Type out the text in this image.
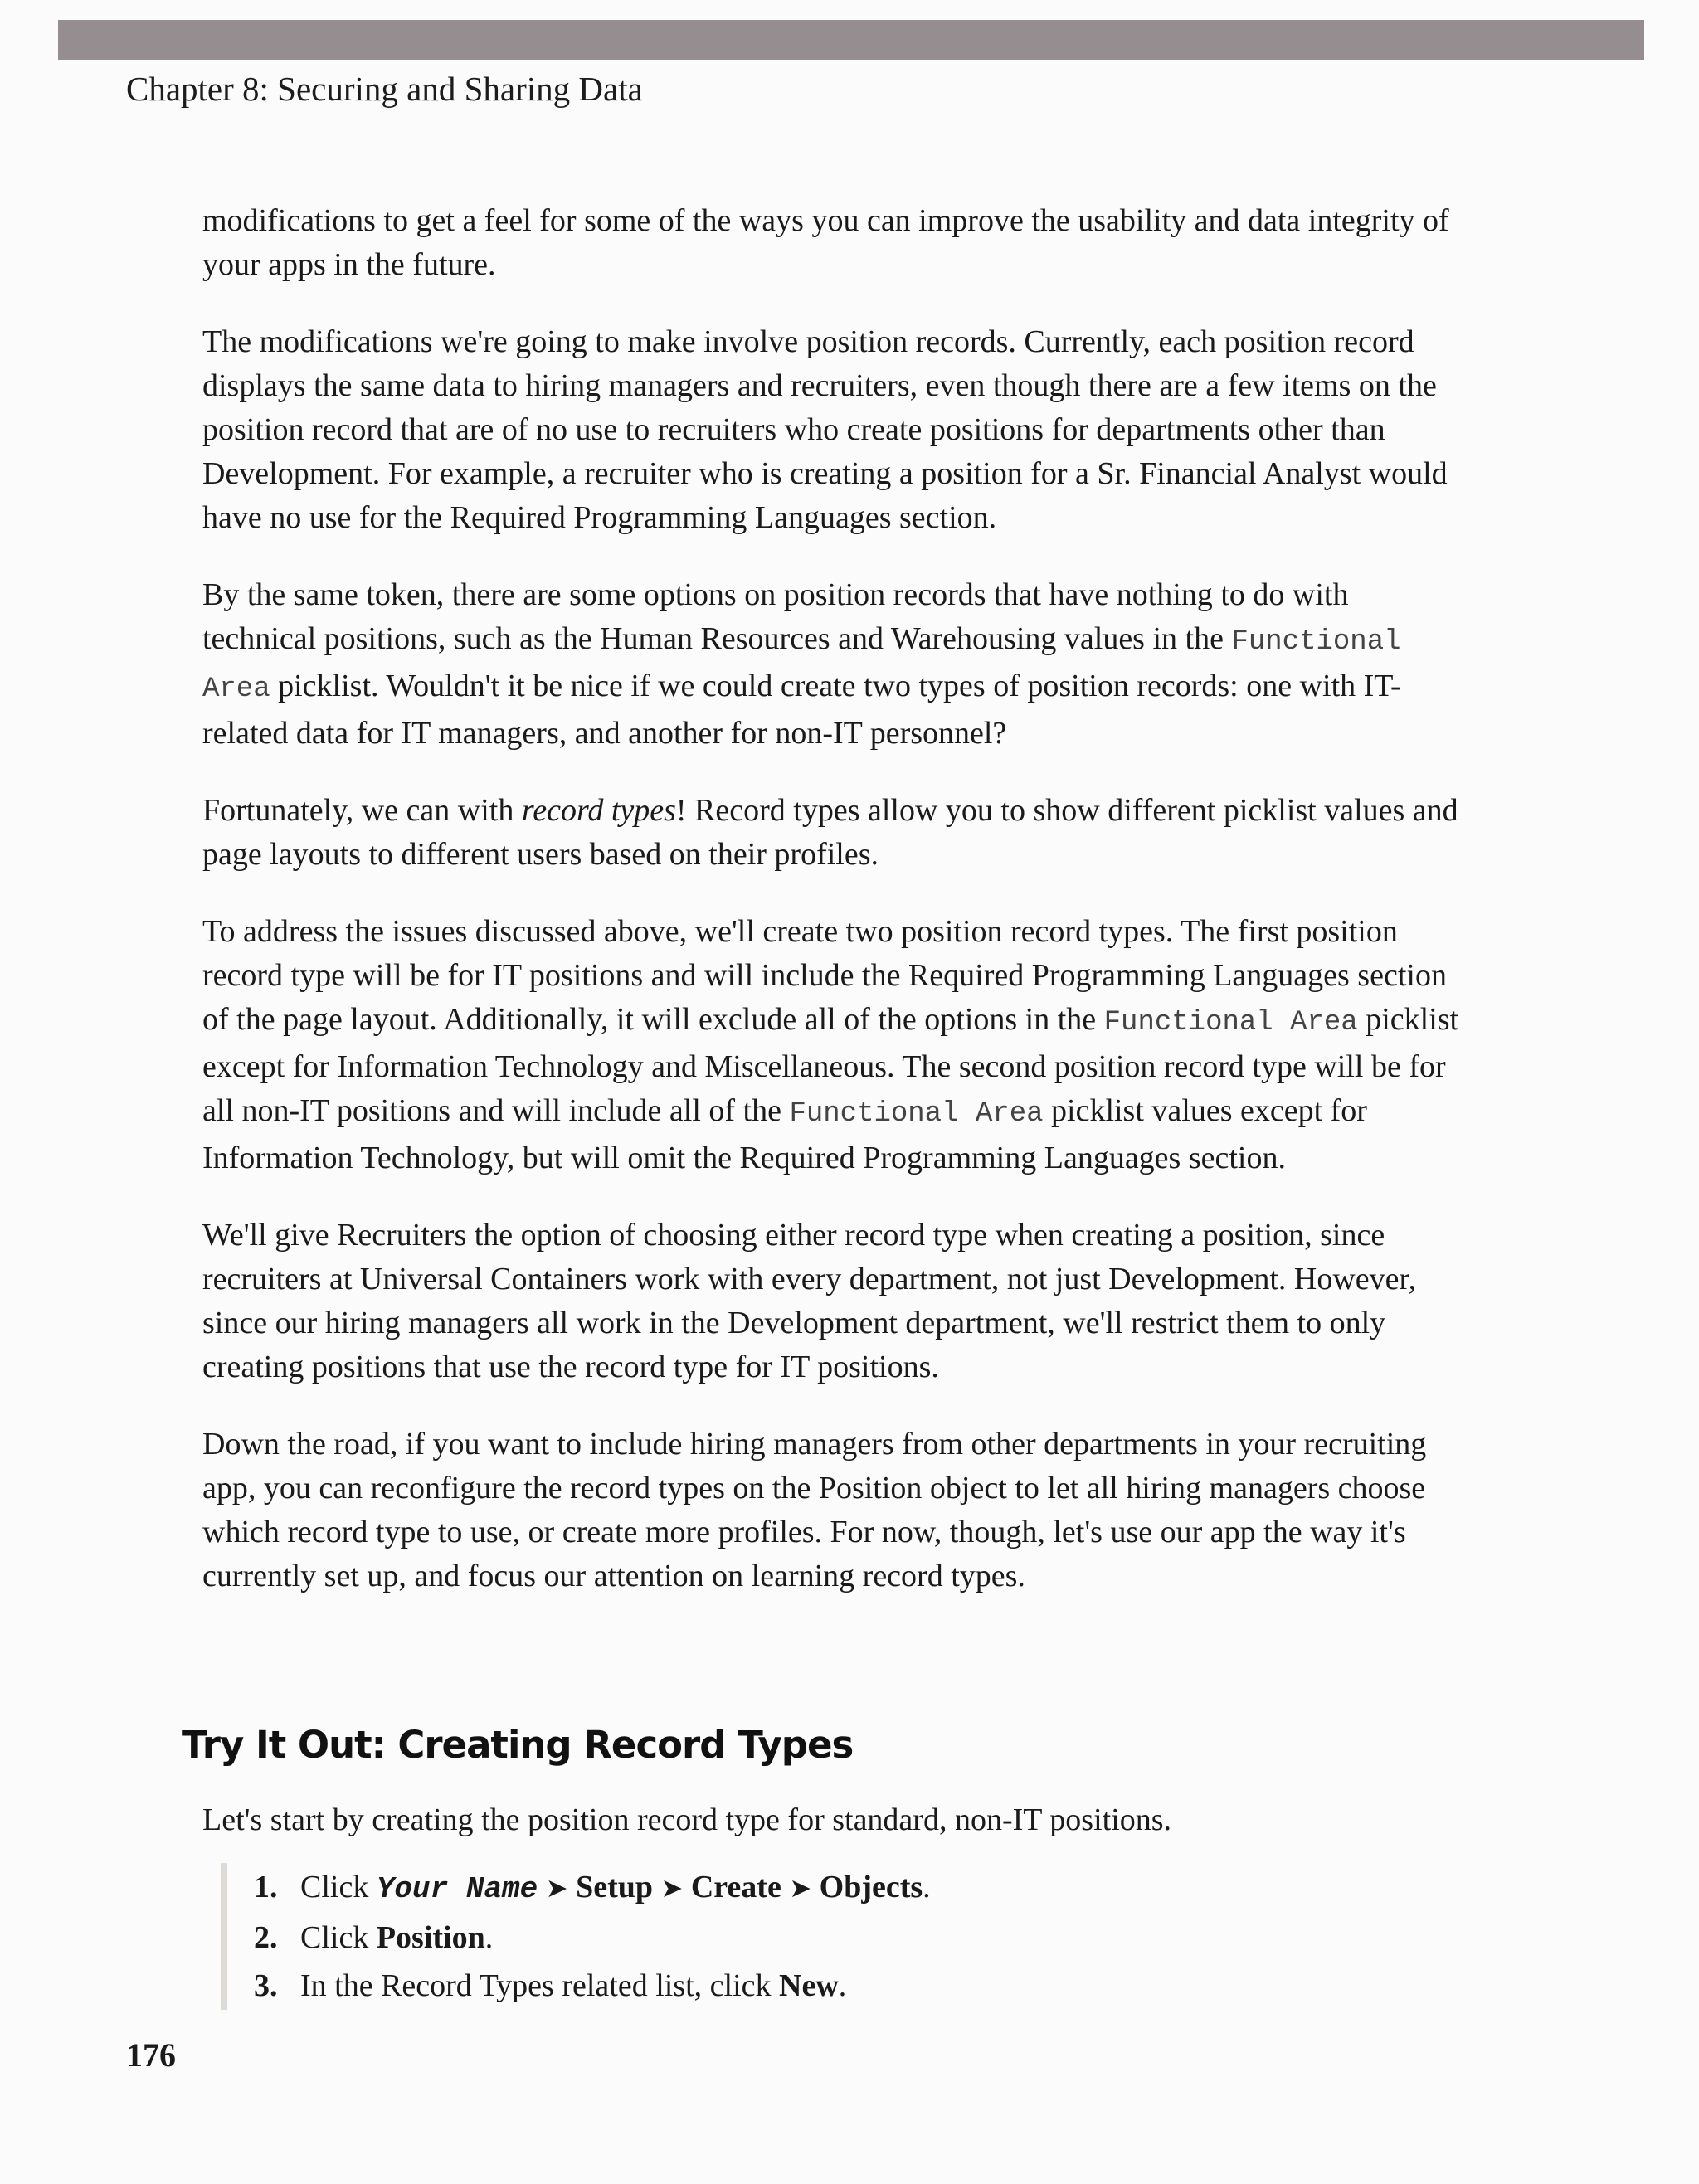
Chapter 8: Securing and Sharing Data

modifications to get a feel for some of the ways you can improve the usability and data integrity of your apps in the future.

The modifications we're going to make involve position records. Currently, each position record displays the same data to hiring managers and recruiters, even though there are a few items on the position record that are of no use to recruiters who create positions for departments other than Development. For example, a recruiter who is creating a position for a Sr. Financial Analyst would have no use for the Required Programming Languages section.

By the same token, there are some options on position records that have nothing to do with technical positions, such as the Human Resources and Warehousing values in the Functional Area picklist. Wouldn't it be nice if we could create two types of position records: one with IT-related data for IT managers, and another for non-IT personnel?

Fortunately, we can with record types! Record types allow you to show different picklist values and page layouts to different users based on their profiles.

To address the issues discussed above, we'll create two position record types. The first position record type will be for IT positions and will include the Required Programming Languages section of the page layout. Additionally, it will exclude all of the options in the Functional Area picklist except for Information Technology and Miscellaneous. The second position record type will be for all non-IT positions and will include all of the Functional Area picklist values except for Information Technology, but will omit the Required Programming Languages section.

We'll give Recruiters the option of choosing either record type when creating a position, since recruiters at Universal Containers work with every department, not just Development. However, since our hiring managers all work in the Development department, we'll restrict them to only creating positions that use the record type for IT positions.

Down the road, if you want to include hiring managers from other departments in your recruiting app, you can reconfigure the record types on the Position object to let all hiring managers choose which record type to use, or create more profiles. For now, though, let's use our app the way it's currently set up, and focus our attention on learning record types.

Try It Out: Creating Record Types

Let's start by creating the position record type for standard, non-IT positions.

1. Click Your Name ➤ Setup ➤ Create ➤ Objects.
2. Click Position.
3. In the Record Types related list, click New.
176
